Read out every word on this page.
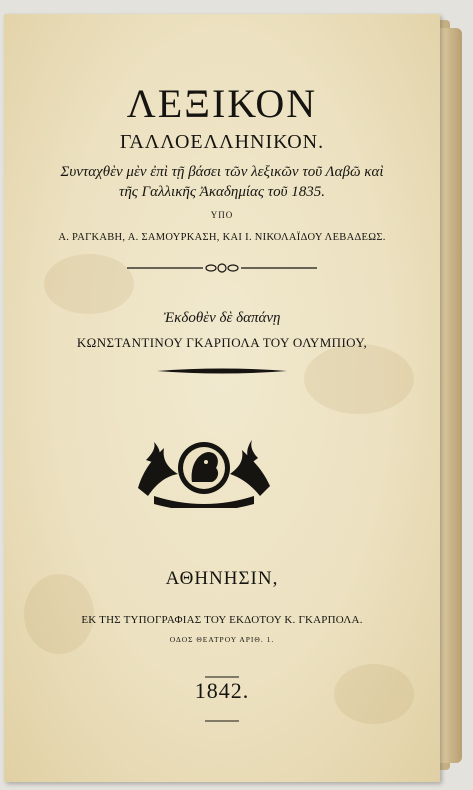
ΛΕΞΙΚΟΝ
ΓΑΛΛΟΕΛΛΗΝΙΚΟΝ.
Συνταχθὲν μὲν ἐπὶ τῇ βάσει τῶν λεξικῶν τοῦ Λαβῶ καὶ
τῆς Γαλλικῆς Ἀκαδημίας τοῦ 1835.
ΥΠΟ
Α. ΡΑΓΚΑΒΗ, Α. ΣΑΜΟΥΡΚΑΣΗ, ΚΑΙ Ι. ΝΙΚΟΛΑΪΔΟΥ ΛΕΒΑΔΕΩΣ.
Ἐκδοθὲν δὲ δαπάνῃ
ΚΩΝΣΤΑΝΤΙΝΟΥ ΓΚΑΡΠΟΛΑ ΤΟΥ ΟΛΥΜΠΙΟΥ,
ΑΘΗΝΗΣΙΝ,
ΕΚ ΤΗΣ ΤΥΠΟΓΡΑΦΙΑΣ ΤΟΥ ΕΚΔΟΤΟΥ Κ. ΓΚΑΡΠΟΛΑ.
ΟΔΟΣ ΘΕΑΤΡΟΥ ΑΡΙΘ. 1.
1842.
